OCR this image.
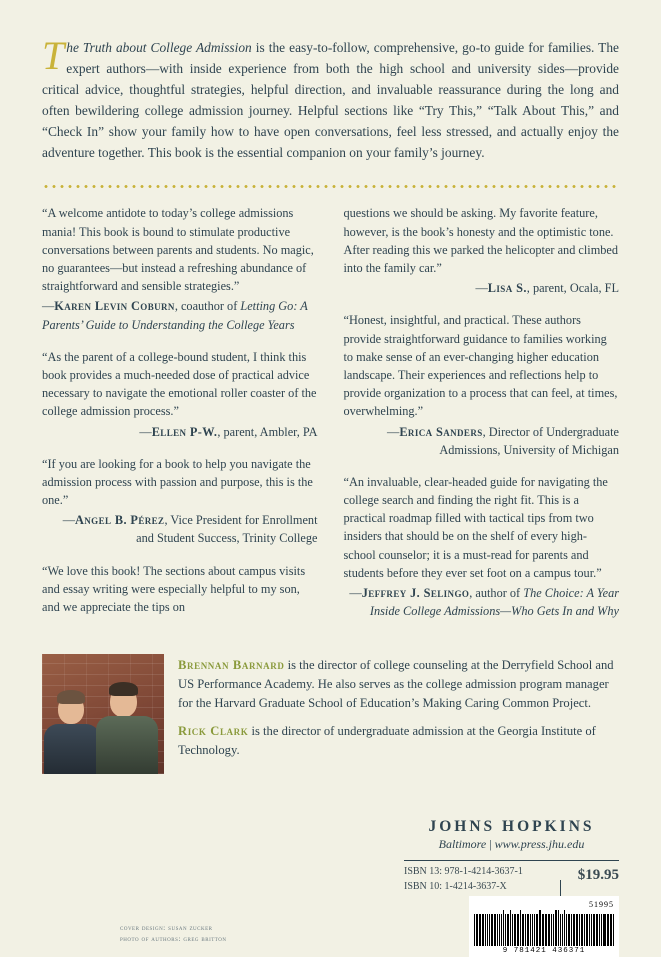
The Truth about College Admission is the easy-to-follow, comprehensive, go-to guide for families. The expert authors—with inside experience from both the high school and university sides—provide critical advice, thoughtful strategies, helpful direction, and invaluable reassurance during the long and often bewildering college admission journey. Helpful sections like “Try This,” “Talk About This,” and “Check In” show your family how to have open conversations, feel less stressed, and actually enjoy the adventure together. This book is the essential companion on your family’s journey.

“A welcome antidote to today’s college admissions mania! This book is bound to stimulate productive conversations between parents and students. No magic, no guarantees—but instead a refreshing abundance of straightforward and sensible strategies.”

—Karen Levin Coburn, coauthor of Letting Go: A Parents’ Guide to Understanding the College Years

“As the parent of a college-bound student, I think this book provides a much-needed dose of practical advice necessary to navigate the emotional roller coaster of the college admission process.”

—Ellen P-W., parent, Ambler, PA

“If you are looking for a book to help you navigate the admission process with passion and purpose, this is the one.”

—Angel B. Pérez, Vice President for Enrollment and Student Success, Trinity College

“We love this book! The sections about campus visits and essay writing were especially helpful to my son, and we appreciate the tips on

questions we should be asking. My favorite feature, however, is the book’s honesty and the optimistic tone. After reading this we parked the helicopter and climbed into the family car.”

—Lisa S., parent, Ocala, FL

“Honest, insightful, and practical. These authors provide straightforward guidance to families working to make sense of an ever-changing higher education landscape. Their experiences and reflections help to provide organization to a process that can feel, at times, overwhelming.”

—Erica Sanders, Director of Undergraduate Admissions, University of Michigan

“An invaluable, clear-headed guide for navigating the college search and finding the right fit. This is a practical roadmap filled with tactical tips from two insiders that should be on the shelf of every high-school counselor; it is a must-read for parents and students before they ever set foot on a campus tour.”

—Jeffrey J. Selingo, author of The Choice: A Year Inside College Admissions—Who Gets In and Why
Brennan Barnard is the director of college counseling at the Derryfield School and US Performance Academy. He also serves as the college admission program manager for the Harvard Graduate School of Education’s Making Caring Common Project.
Rick Clark is the director of undergraduate admission at the Georgia Institute of Technology.
JOHNS HOPKINS
Baltimore | www.press.jhu.edu
ISBN 13: 978-1-4214-3637-1
ISBN 10: 1-4214-3637-X
$19.95
51995
9 781421 436371
cover design: susan zucker
photo of authors: greg britton
